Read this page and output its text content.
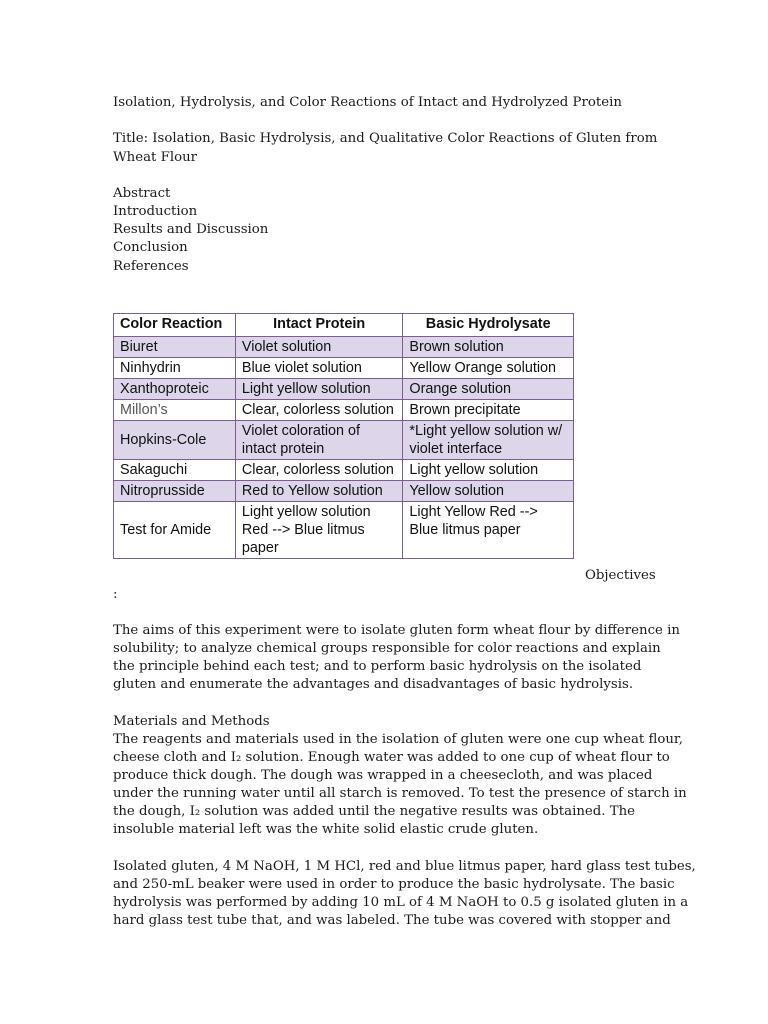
Isolation, Hydrolysis, and Color Reactions of Intact and Hydrolyzed Protein
Title: Isolation, Basic Hydrolysis, and Qualitative Color Reactions of Gluten from
Wheat Flour
Abstract
Introduction
Results and Discussion
Conclusion
References
Color Reaction	Intact Protein	Basic Hydrolysate
Biuret	Violet solution	Brown solution
Ninhydrin	Blue violet solution	Yellow Orange solution
Xanthoproteic	Light yellow solution	Orange solution
Millon’s	Clear, colorless solution	Brown precipitate
Hopkins-Cole	Violet coloration of intact protein	*Light yellow solution w/ violet interface
Sakaguchi	Clear, colorless solution	Light yellow solution
Nitroprusside	Red to Yellow solution	Yellow solution
Test for Amide	Light yellow solution Red --> Blue litmus paper	Light Yellow Red --> Blue litmus paper
Objectives
:

The aims of this experiment were to isolate gluten form wheat flour by difference in

solubility; to analyze chemical groups responsible for color reactions and explain

the principle behind each test; and to perform basic hydrolysis on the isolated

gluten and enumerate the advantages and disadvantages of basic hydrolysis.

Materials and Methods

The reagents and materials used in the isolation of gluten were one cup wheat flour,

cheese cloth and I₂ solution. Enough water was added to one cup of wheat flour to

produce thick dough. The dough was wrapped in a cheesecloth, and was placed

under the running water until all starch is removed. To test the presence of starch in

the dough, I₂ solution was added until the negative results was obtained. The

insoluble material left was the white solid elastic crude gluten.

Isolated gluten, 4 M NaOH, 1 M HCl, red and blue litmus paper, hard glass test tubes,

and 250-mL beaker were used in order to produce the basic hydrolysate. The basic

hydrolysis was performed by adding 10 mL of 4 M NaOH to 0.5 g isolated gluten in a

hard glass test tube that, and was labeled. The tube was covered with stopper and
